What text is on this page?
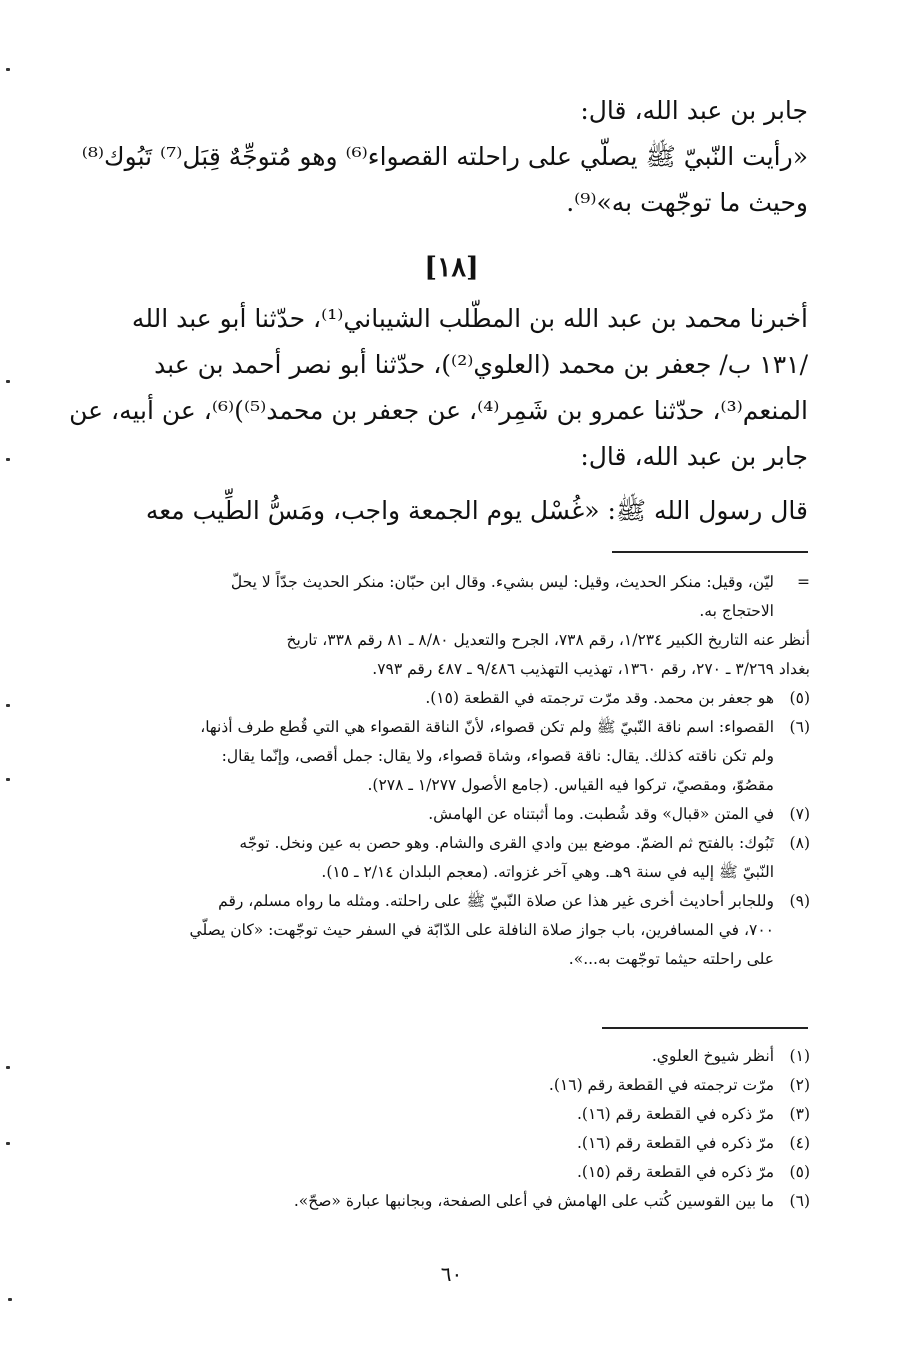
جابر بن عبد الله، قال:
«رأيت النّبيّ ﷺ يصلّي على راحلته القصواء⁽⁶⁾ وهو مُتوجِّهٌ قِبَل⁽⁷⁾ تَبُوك⁽⁸⁾
وحيث ما توجّهت به»⁽⁹⁾.
[١٨]
أخبرنا محمد بن عبد الله بن المطّلب الشيباني⁽¹⁾، حدّثنا أبو عبد الله
/١٣١ ب/ جعفر بن محمد (العلوي⁽²⁾)، حدّثنا أبو نصر أحمد بن عبد
المنعم⁽³⁾، حدّثنا عمرو بن شَمِر⁽⁴⁾، عن جعفر بن محمد⁽⁵⁾)⁽⁶⁾، عن أبيه، عن
جابر بن عبد الله، قال:
قال رسول الله ﷺ: «غُسْل يوم الجمعة واجب، ومَسُّ الطِّيب معه
=ليّن، وقيل: منكر الحديث، وقيل: ليس بشيء. وقال ابن حبّان: منكر الحديث جدّاً لا يحلّ
الاحتجاج به.
أنظر عنه التاريخ الكبير ١/٢٣٤، رقم ٧٣٨، الجرح والتعديل ٨/٨٠ ـ ٨١ رقم ٣٣٨، تاريخ
بغداد ٣/٢٦٩ ـ ٢٧٠، رقم ١٣٦٠، تهذيب التهذيب ٩/٤٨٦ ـ ٤٨٧ رقم ٧٩٣.
(٥)هو جعفر بن محمد. وقد مرّت ترجمته في القطعة (١٥).
(٦)القصواء: اسم ناقة النّبيّ ﷺ ولم تكن قصواء، لأنّ الناقة القصواء هي التي قُطع طرف أذنها،
ولم تكن ناقته كذلك. يقال: ناقة قصواء، وشاة قصواء، ولا يقال: جمل أقصى، وإنّما يقال:
مقصُوّ، ومقصيّ، تركوا فيه القياس. (جامع الأصول ١/٢٧٧ ـ ٢٧٨).
(٧)في المتن «قبال» وقد شُطبت. وما أثبتناه عن الهامش.
(٨)تَبُوك: بالفتح ثم الضمّ. موضع بين وادي القرى والشام. وهو حصن به عين ونخل. توجّه
النّبيّ ﷺ إليه في سنة ٩هـ. وهي آخر غزواته. (معجم البلدان ٢/١٤ ـ ١٥).
(٩)وللجابر أحاديث أخرى غير هذا عن صلاة النّبيّ ﷺ على راحلته. ومثله ما رواه مسلم، رقم
٧٠٠، في المسافرين، باب جواز صلاة النافلة على الدّابّة في السفر حيث توجّهت: «كان يصلّي
على راحلته حيثما توجّهت به...».
(١)أنظر شيوخ العلوي.
(٢)مرّت ترجمته في القطعة رقم (١٦).
(٣)مرّ ذكره في القطعة رقم (١٦).
(٤)مرّ ذكره في القطعة رقم (١٦).
(٥)مرّ ذكره في القطعة رقم (١٥).
(٦)ما بين القوسين كُتب على الهامش في أعلى الصفحة، وبجانبها عبارة «صحّ».
٦٠
